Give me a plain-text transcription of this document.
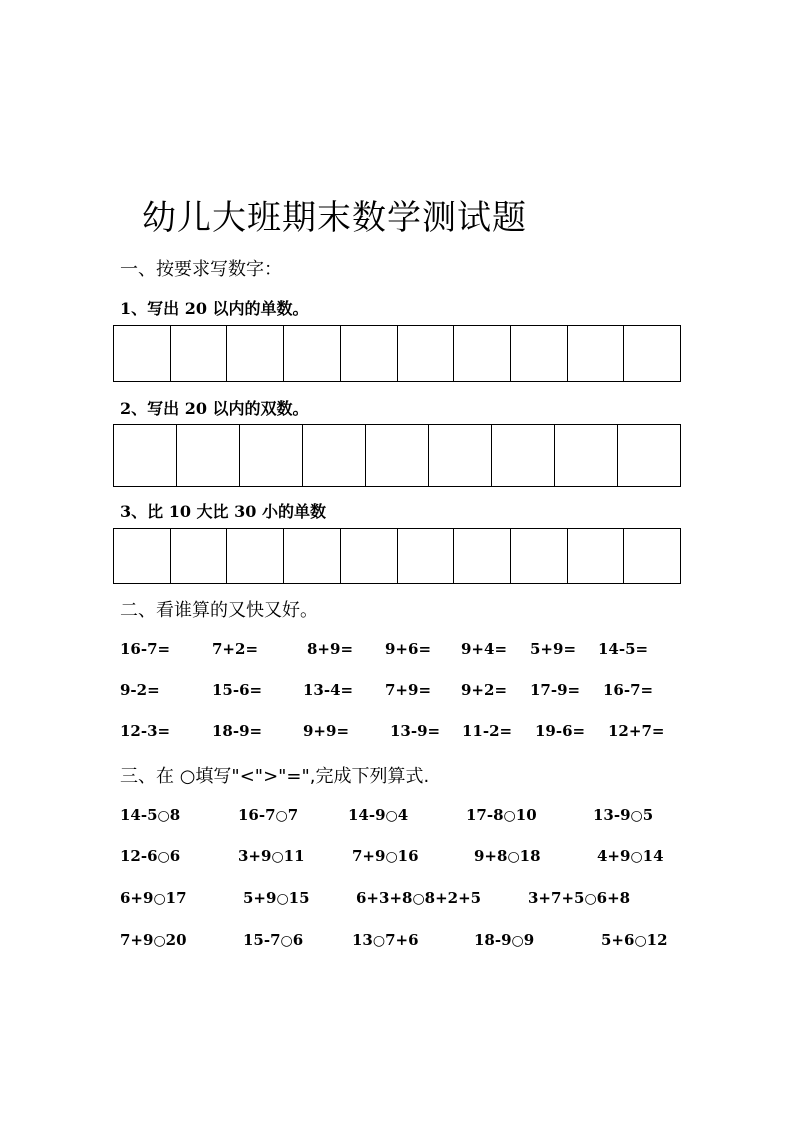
幼儿大班期末数学测试题
一、按要求写数字：
1、写出 20 以内的单数。
2、写出 20 以内的双数。
3、比 10 大比 30 小的单数
二、看谁算的又快又好。
16-7=	7+2=	8+9= 9+6= 9+4= 5+9= 14-5=
9-2=	15-6=	13-4= 7+9= 9+2= 17-9= 16-7=
12-3=	18-9=	9+9=	13-9= 11-2= 19-6= 12+7=
三、在 ○填写"<">"=",完成下列算式.
14-5○8	16-7○7	14-9○4	17-8○10	13-9○5
12-6○6	3+9○11	7+9○16	9+8○18	4+9○14
6+9○17	5+9○15	6+3+8○8+2+5	3+7+5○6+8
7+9○20	15-7○6	13○7+6	18-9○9	5+6○12
